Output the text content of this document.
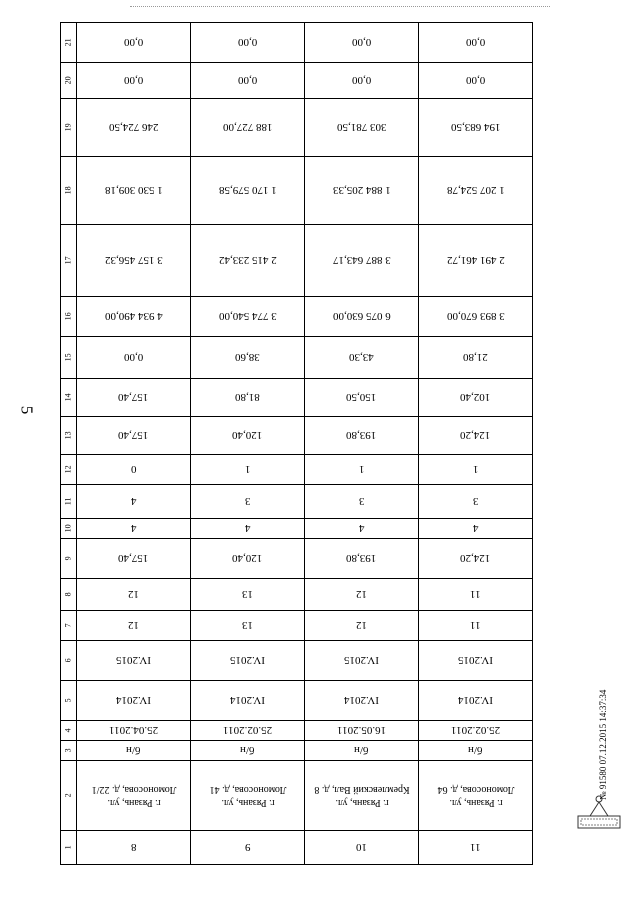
5
21	0,00	0,00	0,00	0,00
20	0,00	0,00	0,00	0,00
19	246 724,50	188 727,00	303 781,50	194 683,50
18	1 530 309,18	1 170 579,58	1 884 205,33	1 207 524,78
17	3 157 456,32	2 415 233,42	3 887 643,17	2 491 461,72
16	4 934 490,00	3 774 540,00	6 075 630,00	3 893 670,00
15	0,00	38,60	43,30	21,80
14	157,40	81,80	150,50	102,40
13	157,40	120,40	193,80	124,20
12	0	1	1	1
11	4	3	3	3
10	4	4	4	4
9	157,40	120,40	193,80	124,20
8	12	13	12	11
7	12	13	12	11
6	IV.2015	IV.2015	IV.2015	IV.2015
5	IV.2014	IV.2014	IV.2014	IV.2014
4	25.04.2011	25.02.2011	16.05.2011	25.02.2011
3	б/н	б/н	б/н	б/н
2	г. Рязань, ул. Ломоносова, д. 22/1	г. Рязань, ул. Ломоносова, д. 41	г. Рязань, ул. Кремлевский Вал, д. 8	г. Рязань, ул. Ломоносова, д. 64
1	8	9	10	11
№ 91580 07.12.2015 14:37:34
